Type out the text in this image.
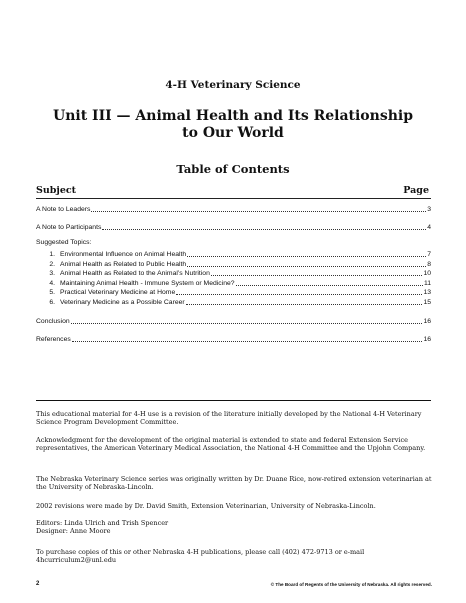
4-H Veterinary Science
Unit III — Animal Health and Its Relationship
to Our World
Table of Contents
Subject	Page
A Note to Leaders	3
A Note to Participants	4
Suggested Topics:
1. Environmental Influence on Animal Health	7
2. Animal Health as Related to Public Health	8
3. Animal Health as Related to the Animal’s Nutrition	10
4. Maintaining Animal Health - Immune System or Medicine?	11
5. Practical Veterinary Medicine at Home	13
6. Veterinary Medicine as a Possible Career	15
Conclusion	16
References	16
This educational material for 4-H use is a revision of the literature initially developed by the National 4-H Veterinary Science Program Development Committee.
Acknowledgment for the development of the original material is extended to state and federal Extension Service representatives, the American Veterinary Medical Association, the National 4-H Committee and the Upjohn Company.
The Nebraska Veterinary Science series was originally written by Dr. Duane Rice, now-retired extension veterinarian at the University of Nebraska-Lincoln.
2002 revisions were made by Dr. David Smith, Extension Veterinarian, University of Nebraska-Lincoln.
Editors: Linda Ulrich and Trish Spencer
Designer: Anne Moore
To purchase copies of this or other Nebraska 4-H publications, please call (402) 472-9713 or e-mail
4hcurriculum2@unl.edu
2	© The Board of Regents of the University of Nebraska. All rights reserved.
